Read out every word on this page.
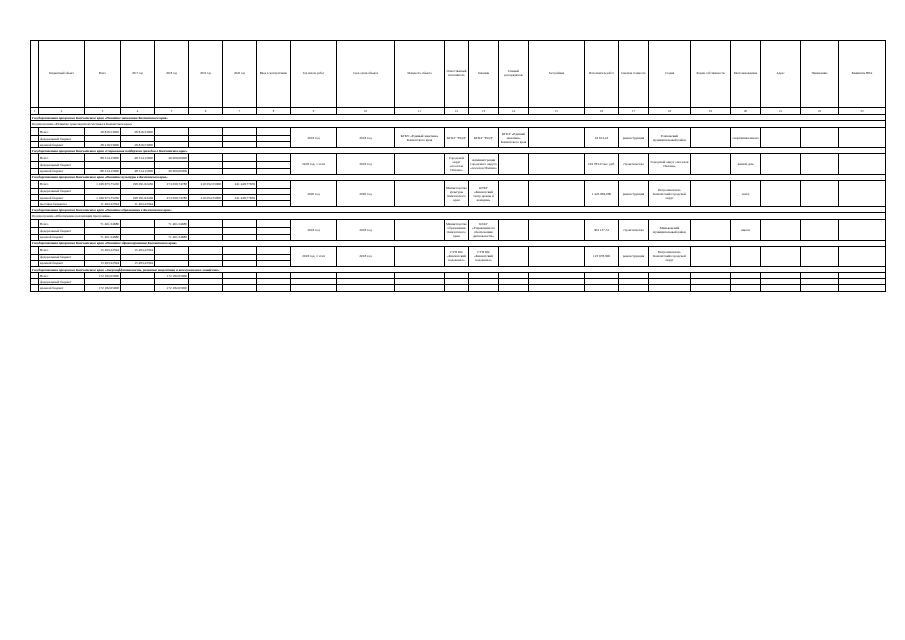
	Бюджетный объект	Всего	2017 год	2018 год	2019 год	2020 год	Ввод в эксплуатацию	Год начала работ	Срок сдачи объекта	Мощность объекта	Ответственный исполнитель	Заказчик	Главный распорядитель	Застройщик	Исполнитель работ	Сметная стоимость	Стадия	Форма собственности	Местонахождение	Адрес	Примечание	Реквизиты НПА
1	2	3	4	5	6	7	8	9	10	11	12	13	14	15	16	17	18	19	20	21	22	23
Государственная программа Камчатского края «Развитие экономики Камчатского края»																						
Подпрограмма «Развитие транспортной системы в Камчатском крае»																						
	Всего	28 816,53000	28 816,53000					2018 год	2018 год	КГКУ «Единый заказчик» Камчатского края	КГКУ "ЕОД"	КГКУ "ЕОД"	КГКУ «Единый заказчик» Камчатского края		43 613,22	реконструкция	Елизовский муниципальный район		спортивная школа			
	федеральный бюджет																					
	краевой бюджет	28 216,53000	28 816,53000																			
Государственная программа Камчатского края «Социальная поддержка граждан в Камчатском крае»																						
	Всего	88 314,15000	48 314,15000	40 000,00000				2018 год, 1 этап	2018 год		Городской округ «поселок Палана»	Администрация городского округа «поселок Палана»			104 783,0 тыс. руб.	строительство	Городской округ «поселок Палана»		жилой дом			
	федеральный бюджет																					
	краевой бюджет	88 314,15000	48 314,15000	40 000,00000																		
Государственная программа Камчатского края «Развитие культуры в Камчатском крае»																						
	Всего	1 169 673,75450	198 291,92436	274 639,74780	210 052,55900	241 448,77659		2020 год	2020 год		Министерство культуры Камчатского края	КГБУ «Камчатский театр драмы и комедии»			1 425 804,000	реконструкция	Петропавловск-Камчатский городской округ		театр			
	федеральный бюджет																					
	краевой бюджет	1 169 673,75450	198 291,92436	274 639,74780	210 052,55900	241 448,77659																
	местные бюджеты	11 493,22594	11 493,22594																			
Государственная программа Камчатского края «Развитие образования в Камчатском крае»																						
Подпрограмма «Обеспечение реализации программы»																						
	Всего	71 461,54680		71 461,54680				2018 год	2018 год		Министерство образования Камчатского края	КГАУ «Управление по обеспечению деятельности»			304 127,31	строительство	Мильковский муниципальный район		школа			
	федеральный бюджет																					
	краевой бюджет	71 461,54680		71 461,54680																		
Государственная программа Камчатского края «Развитие здравоохранения Камчатского края»																						
	Всего	15 493,22594	15 493,22594					2018 год, 1 этап	2018 год		ГУП КК «Камчатский водоканал»	ГУП КК «Камчатский водоканал»			123 678,306	реконструкция	Петропавловск-Камчатский городской округ					
	федеральный бюджет																					
	краевой бюджет	15 493,22594	15 493,22594																			
Государственная программа Камчатского края «Энергоэффективность, развитие энергетики и коммунального хозяйства»																						
	Всего	172 182,05000		172 182,05000																		
	федеральный бюджет																					
	краевой бюджет	172 182,05000		172 182,05000																		
